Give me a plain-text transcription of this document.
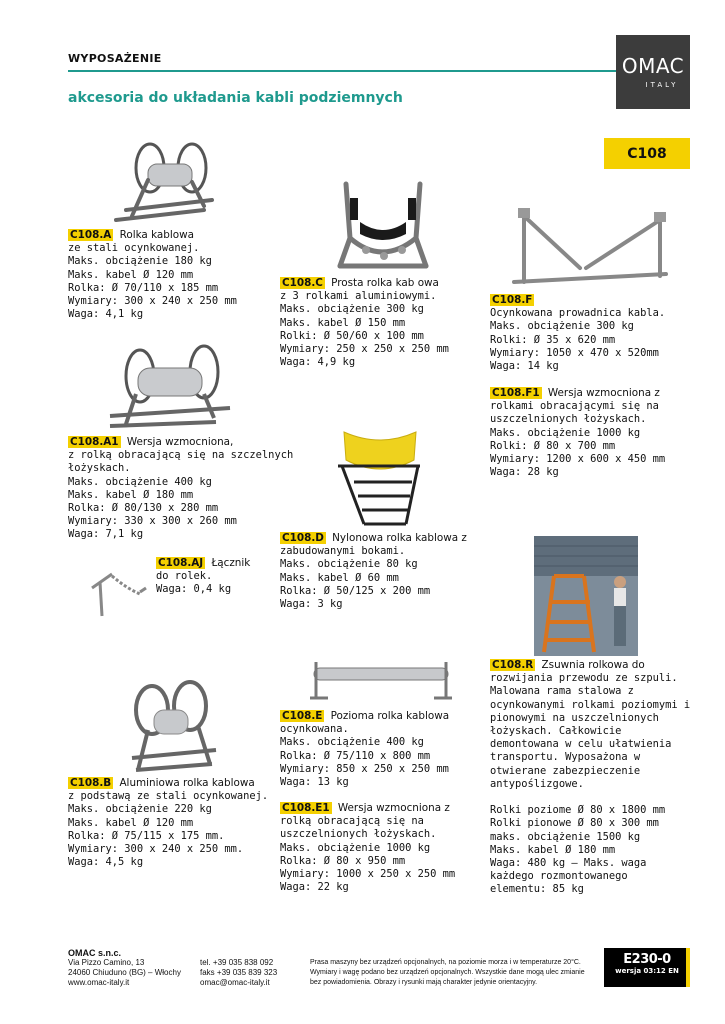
WYPOSAŻENIE	OMAC
ITALY
akcesoria do układania kabli podziemnych
C108
C108.A Rolka kablowa
ze stali ocynkowanej.
Maks. obciążenie 180 kg
Maks. kabel Ø 120 mm
Rolka: Ø 70/110 x 185 mm
Wymiary: 300 x 240 x 250 mm
Waga: 4,1 kg
C108.C Prosta rolka kab owa
z 3 rolkami aluminiowymi.
Maks. obciążenie 300 kg
Maks. kabel Ø 150 mm
Rolki: Ø 50/60 x 100 mm
Wymiary: 250 x 250 x 250 mm
Waga: 4,9 kg
C108.F
Ocynkowana prowadnica kabla.
Maks. obciążenie 300 kg
Rolki: Ø 35 x 620 mm
Wymiary: 1050 x 470 x 520mm
Waga: 14 kg
C108.F1 Wersja wzmocniona z
rolkami obracającymi się na
uszczelnionych łożyskach.
Maks. obciążenie 1000 kg
Rolki: Ø 80 x 700 mm
Wymiary: 1200 x 600 x 450 mm
Waga: 28 kg
C108.A1 Wersja wzmocniona,
z rolką obracającą się na szczelnych
łożyskach.
Maks. obciążenie 400 kg
Maks. kabel Ø 180 mm
Rolka: Ø 80/130 x 280 mm
Wymiary: 330 x 300 x 260 mm
Waga: 7,1 kg
C108.AJ Łącznik
do rolek.
Waga: 0,4 kg
C108.D Nylonowa rolka kablowa z
zabudowanymi bokami.
Maks. obciążenie 80 kg
Maks. kabel Ø 60 mm
Rolka: Ø 50/125 x 200 mm
Waga: 3 kg
C108.R Zsuwnia rolkowa do
rozwijania przewodu ze szpuli.
Malowana rama stalowa z
ocynkowanymi rolkami poziomymi i
pionowymi na uszczelnionych
łożyskach. Całkowicie
demontowana w celu ułatwienia
transportu. Wyposażona w
otwierane zabezpieczenie
antypoślizgowe.

Rolki poziome Ø 80 x 1800 mm
Rolki pionowe Ø 80 x 300 mm
maks. obciążenie 1500 kg
Maks. kabel Ø 180 mm
Waga: 480 kg – Maks. waga
każdego rozmontowanego
elementu: 85 kg
C108.E Pozioma rolka kablowa
ocynkowana.
Maks. obciążenie 400 kg
Rolka: Ø 75/110 x 800 mm
Wymiary: 850 x 250 x 250 mm
Waga: 13 kg
C108.B Aluminiowa rolka kablowa
z podstawą ze stali ocynkowanej.
Maks. obciążenie 220 kg
Maks. kabel Ø 120 mm
Rolka: Ø 75/115 x 175 mm.
Wymiary: 300 x 240 x 250 mm.
Waga: 4,5 kg
C108.E1 Wersja wzmocniona z
rolką obracającą się na
uszczelnionych łożyskach.
Maks. obciążenie 1000 kg
Rolka: Ø 80 x 950 mm
Wymiary: 1000 x 250 x 250 mm
Waga: 22 kg
OMAC s.n.c.
Via Pizzo Camino, 13
24060 Chiuduno (BG) – Włochy
www.omac-italy.it
tel. +39 035 838 092
faks +39 035 839 323
omac@omac-italy.it
Prasa maszyny bez urządzeń opcjonalnych, na poziomie morza i w temperaturze 20°C.
Wymiary i wagę podano bez urządzeń opcjonalnych. Wszystkie dane mogą ulec zmianie
bez powiadomienia. Obrazy i rysunki mają charakter jedynie orientacyjny.
E230-0
wersja 03:12 EN
